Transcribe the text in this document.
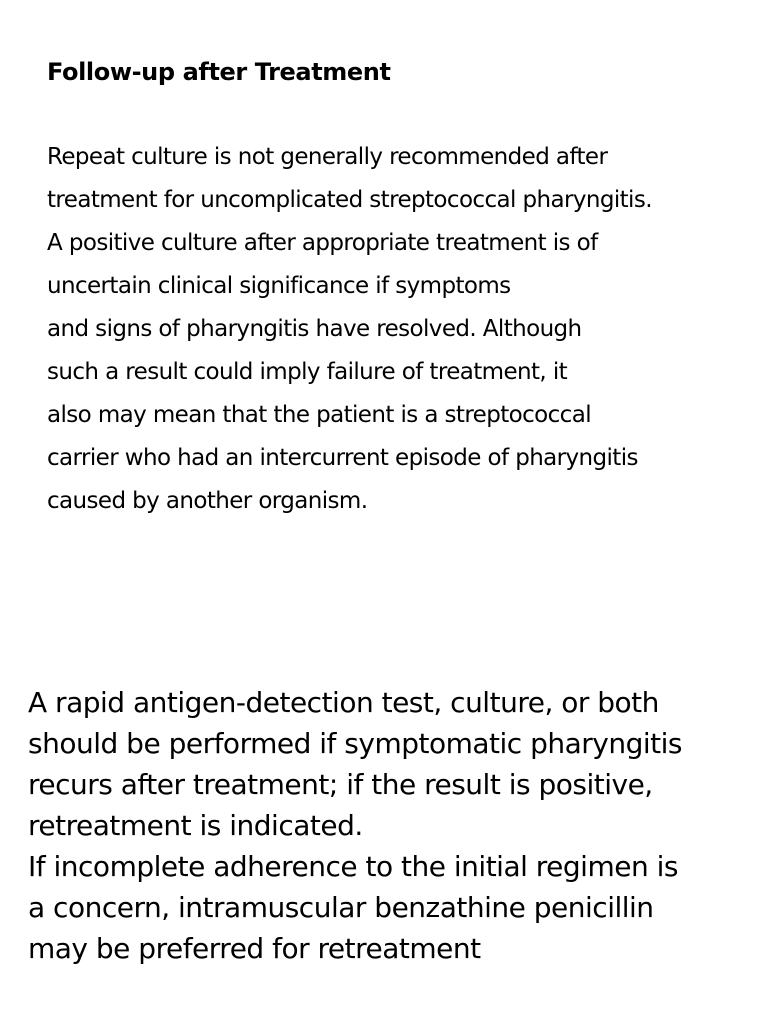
Follow-up after Treatment
Repeat culture is not generally recommended after
treatment for uncomplicated streptococcal pharyngitis.
A positive culture after appropriate treatment is of
uncertain clinical significance if symptoms
and signs of pharyngitis have resolved. Although
such a result could imply failure of treatment, it
also may mean that the patient is a streptococcal
carrier who had an intercurrent episode of pharyngitis
caused by another organism.
A rapid antigen-detection test, culture, or both
should be performed if symptomatic pharyngitis
recurs after treatment; if the result is positive,
retreatment is indicated.
If incomplete adherence to the initial regimen is
a concern, intramuscular benzathine penicillin
may be preferred for retreatment
